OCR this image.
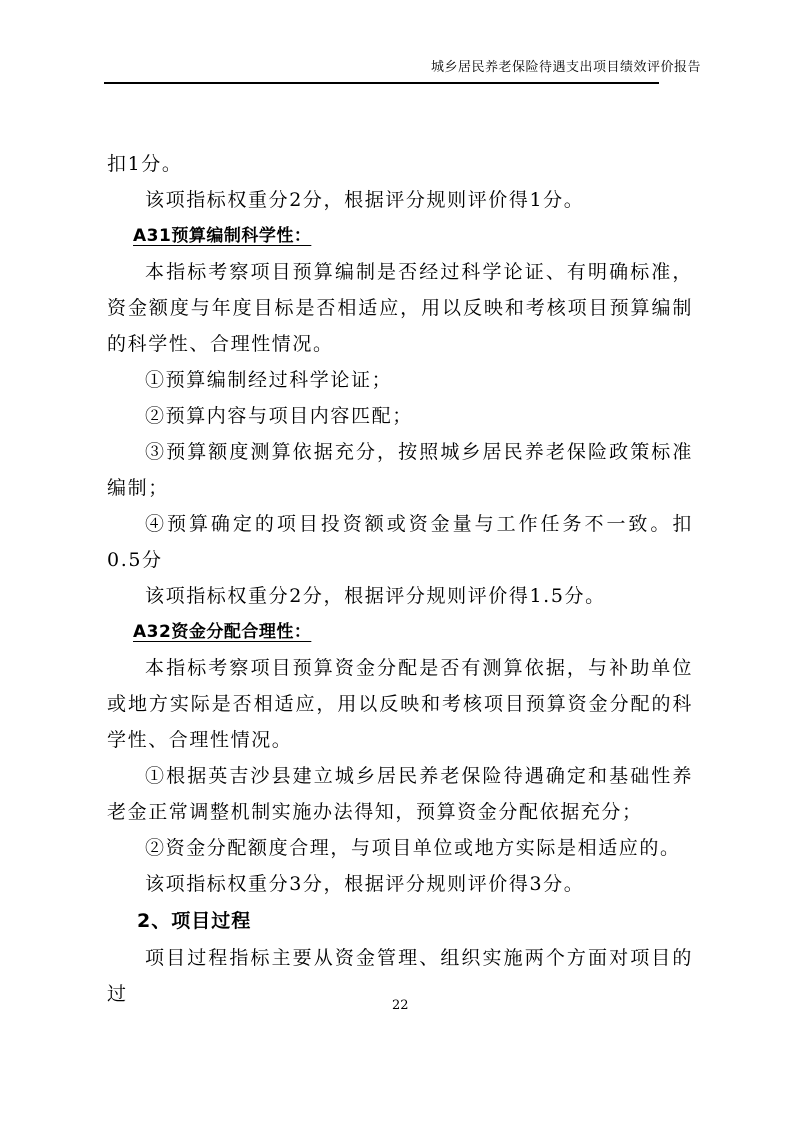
城乡居民养老保险待遇支出项目绩效评价报告

扣1分。

该项指标权重分2分，根据评分规则评价得1分。

A31预算编制科学性：

本指标考察项目预算编制是否经过科学论证、有明确标准，资金额度与年度目标是否相适应，用以反映和考核项目预算编制的科学性、合理性情况。

①预算编制经过科学论证；

②预算内容与项目内容匹配；

③预算额度测算依据充分，按照城乡居民养老保险政策标准编制；

④预算确定的项目投资额或资金量与工作任务不一致。扣0.5分

该项指标权重分2分，根据评分规则评价得1.5分。

A32资金分配合理性：

本指标考察项目预算资金分配是否有测算依据，与补助单位或地方实际是否相适应，用以反映和考核项目预算资金分配的科学性、合理性情况。

①根据英吉沙县建立城乡居民养老保险待遇确定和基础性养老金正常调整机制实施办法得知，预算资金分配依据充分；

②资金分配额度合理，与项目单位或地方实际是相适应的。

该项指标权重分3分，根据评分规则评价得3分。

2、项目过程

项目过程指标主要从资金管理、组织实施两个方面对项目的过

22
